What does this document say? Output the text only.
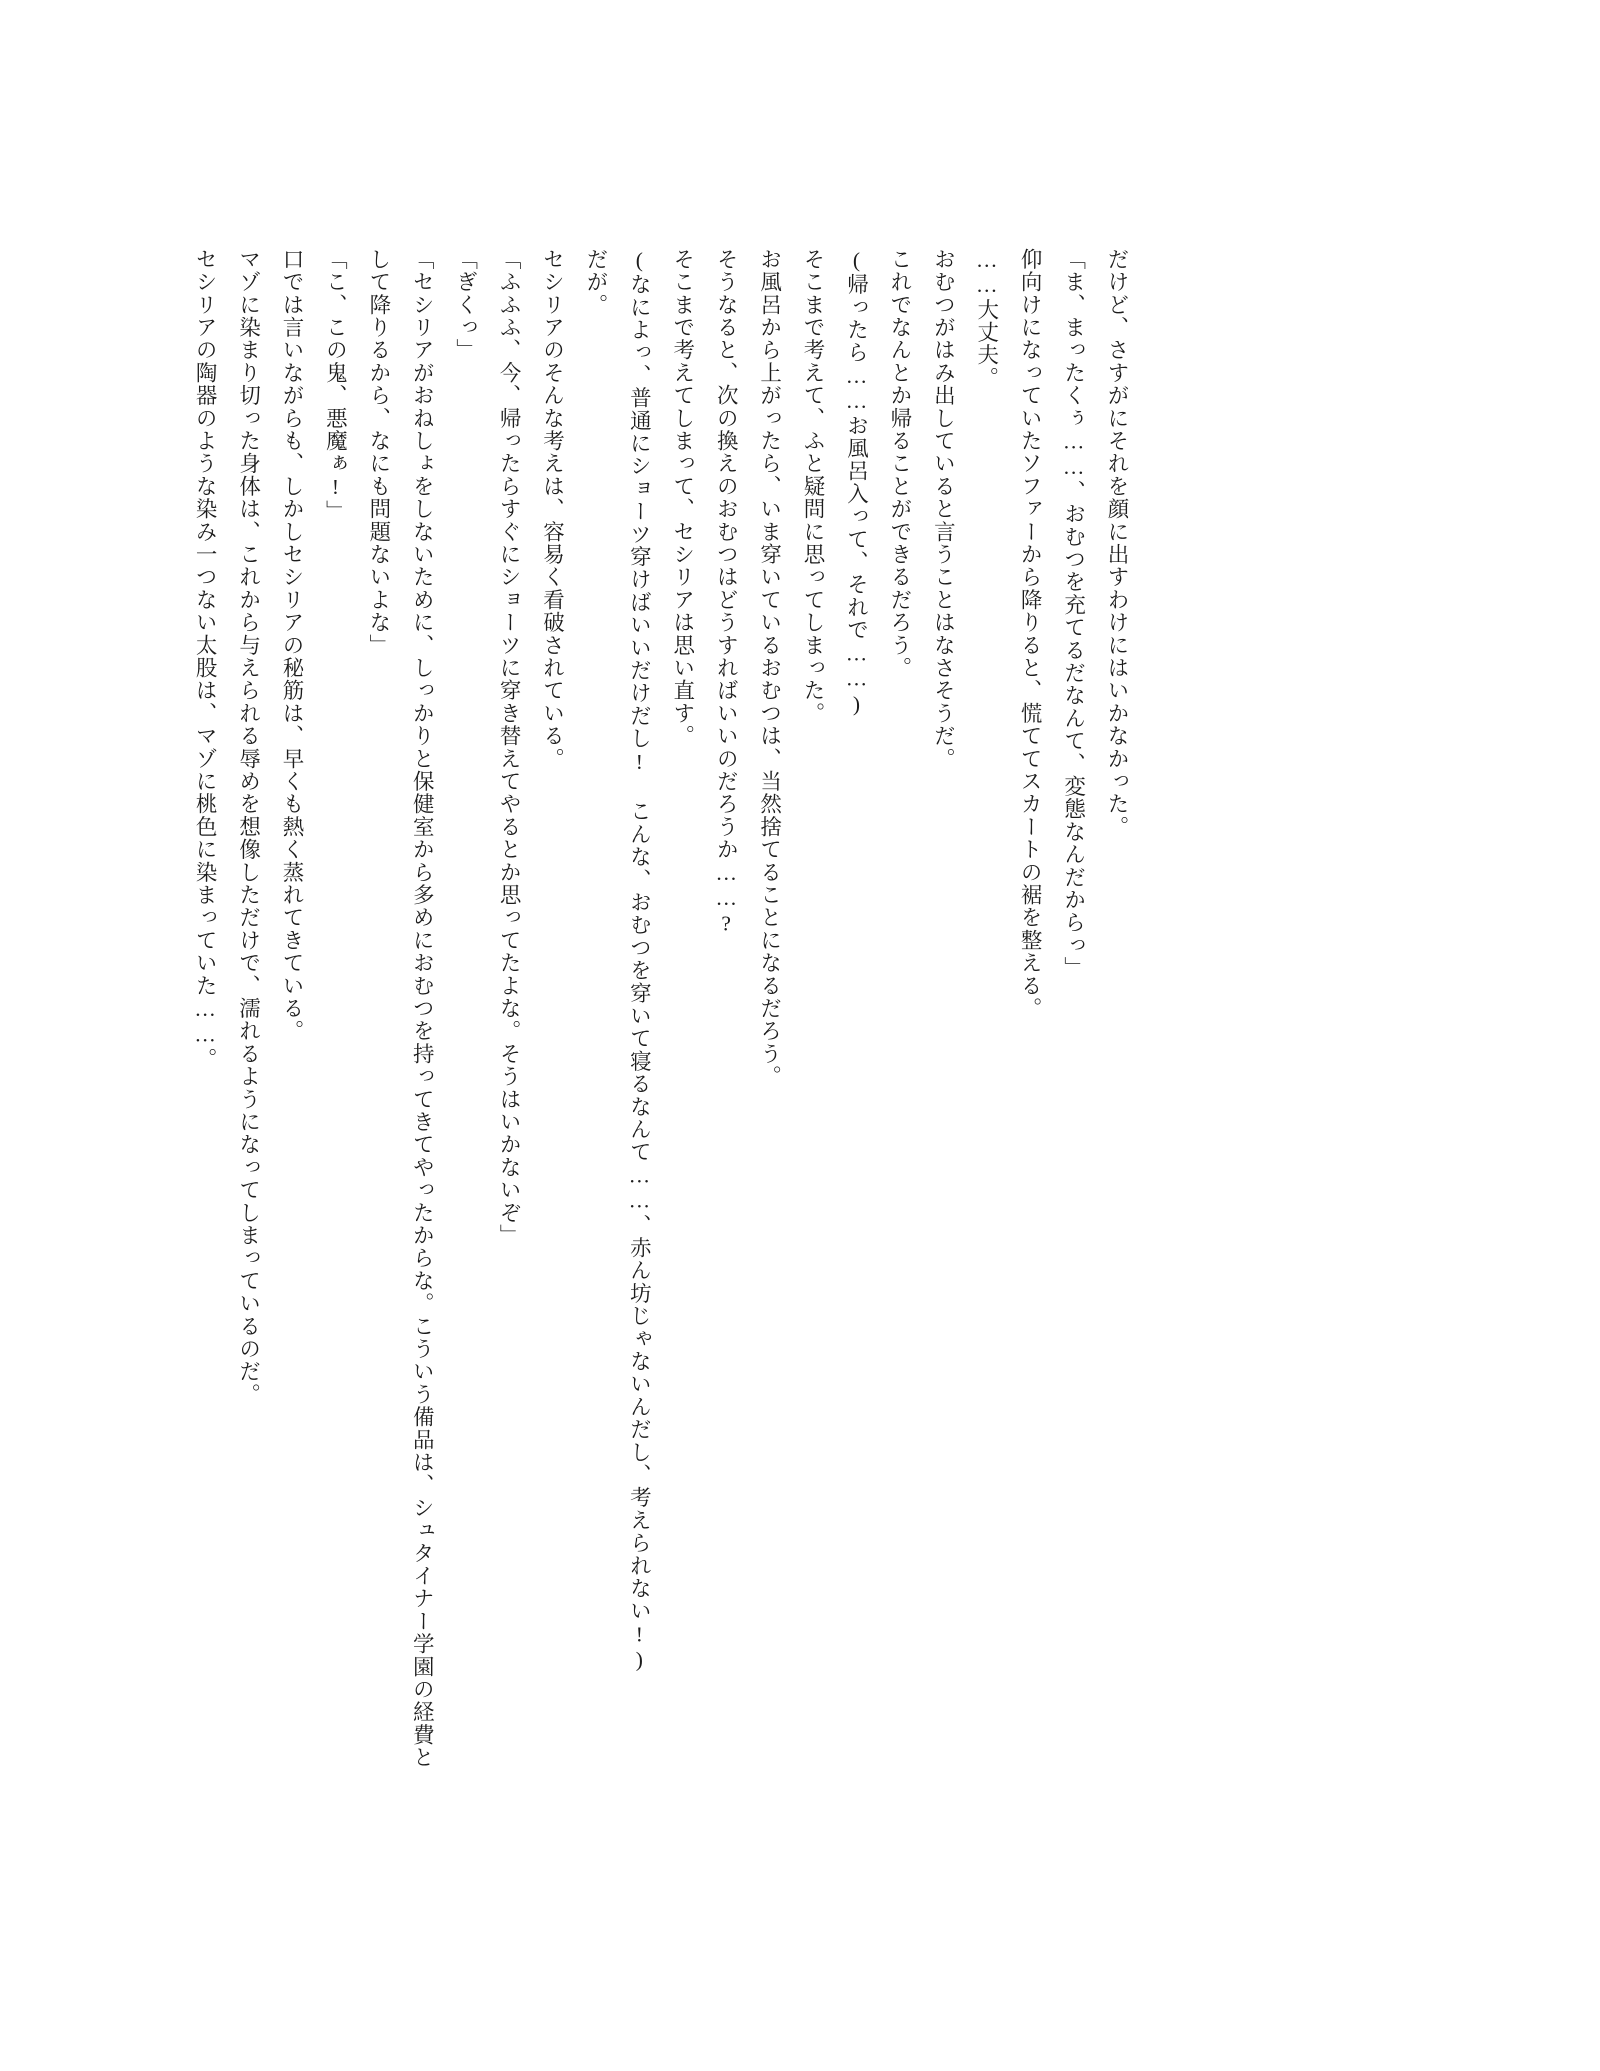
だけど、さすがにそれを顔に出すわけにはいかなかった。

「ま、まったくぅ……、おむつを充てるだなんて、変態なんだからっ」

仰向けになっていたソファーから降りると、慌ててスカートの裾を整える。

……大丈夫。

おむつがはみ出していると言うことはなさそうだ。

これでなんとか帰ることができるだろう。

(帰ったら……お風呂入って、それで……)

そこまで考えて、ふと疑問に思ってしまった。

お風呂から上がったら、いま穿いているおむつは、当然捨てることになるだろう。

そうなると、次の換えのおむつはどうすればいいのだろうか……?

そこまで考えてしまって、セシリアは思い直す。

(なによっ、普通にショーツ穿けばいいだけだし! こんな、おむつを穿いて寝るなんて……、赤ん坊じゃないんだし、考えられない!)

だが。

セシリアのそんな考えは、容易く看破されている。

「ふふふ、今、帰ったらすぐにショーツに穿き替えてやるとか思ってたよな。そうはいかないぞ」

「ぎくっ」

「セシリアがおねしょをしないために、しっかりと保健室から多めにおむつを持ってきてやったからな。こういう備品は、シュタイナー学園の経費として降りるから、なにも問題ないよな」

「こ、この鬼、悪魔ぁ!」

口では言いながらも、しかしセシリアの秘筋は、早くも熱く蒸れてきている。

マゾに染まり切った身体は、これから与えられる辱めを想像しただけで、濡れるようになってしまっているのだ。

セシリアの陶器のような染み一つない太股は、マゾに桃色に染まっていた……。
